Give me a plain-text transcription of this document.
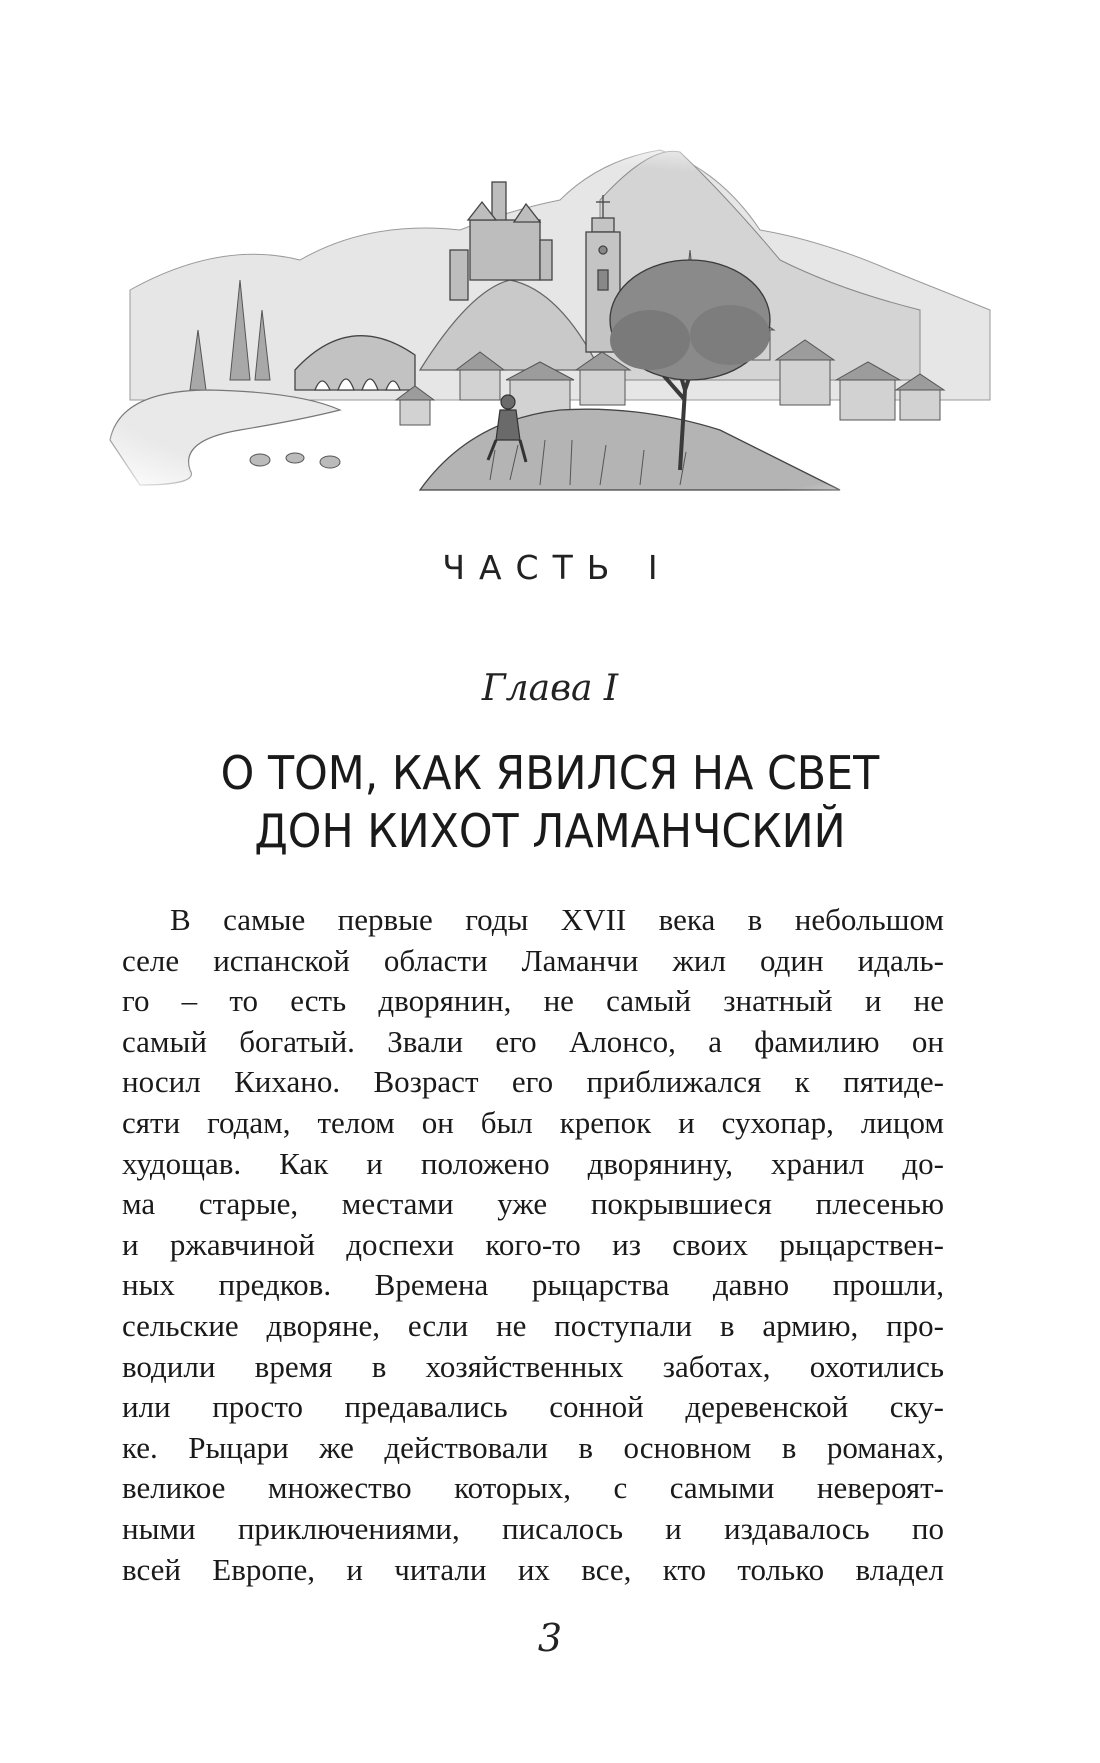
ЧАСТЬ I
Глава I
О ТОМ, КАК ЯВИЛСЯ НА СВЕТ
ДОН КИХОТ ЛАМАНЧСКИЙ
В самые первые годы XVII века в небольшом
селе испанской области Ламанчи жил один идаль-
го – то есть дворянин, не самый знатный и не
самый богатый. Звали его Алонсо, а фамилию он
носил Кихано. Возраст его приближался к пятиде-
сяти годам, телом он был крепок и сухопар, лицом
худощав. Как и положено дворянину, хранил до-
ма старые, местами уже покрывшиеся плесенью
и ржавчиной доспехи кого-то из своих рыцарствен-
ных предков. Времена рыцарства давно прошли,
сельские дворяне, если не поступали в армию, про-
водили время в хозяйственных заботах, охотились
или просто предавались сонной деревенской ску-
ке. Рыцари же действовали в основном в романах,
великое множество которых, с самыми невероят-
ными приключениями, писалось и издавалось по
всей Европе, и читали их все, кто только владел
3
